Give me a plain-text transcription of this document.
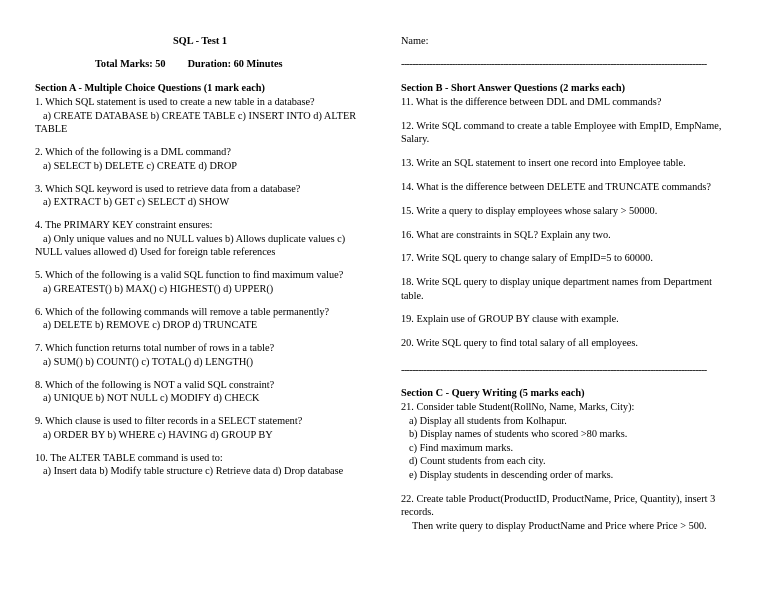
SQL - Test 1
Total Marks: 50 Duration: 60 Minutes
Section A - Multiple Choice Questions (1 mark each)
1. Which SQL statement is used to create a new table in a database?
a) CREATE DATABASE b) CREATE TABLE c) INSERT INTO d) ALTER TABLE
2. Which of the following is a DML command?
a) SELECT b) DELETE c) CREATE d) DROP
3. Which SQL keyword is used to retrieve data from a database?
a) EXTRACT b) GET c) SELECT d) SHOW
4. The PRIMARY KEY constraint ensures:
a) Only unique values and no NULL values b) Allows duplicate values c) NULL values allowed d) Used for foreign table references
5. Which of the following is a valid SQL function to find maximum value?
a) GREATEST() b) MAX() c) HIGHEST() d) UPPER()
6. Which of the following commands will remove a table permanently?
a) DELETE b) REMOVE c) DROP d) TRUNCATE
7. Which function returns total number of rows in a table?
a) SUM() b) COUNT() c) TOTAL() d) LENGTH()
8. Which of the following is NOT a valid SQL constraint?
a) UNIQUE b) NOT NULL c) MODIFY d) CHECK
9. Which clause is used to filter records in a SELECT statement?
a) ORDER BY b) WHERE c) HAVING d) GROUP BY
10. The ALTER TABLE command is used to:
a) Insert data b) Modify table structure c) Retrieve data d) Drop database
Name:
------------------------------------------------------------------------------------------------------------
Section B - Short Answer Questions (2 marks each)
11. What is the difference between DDL and DML commands?
12. Write SQL command to create a table Employee with EmpID, EmpName, Salary.
13. Write an SQL statement to insert one record into Employee table.
14. What is the difference between DELETE and TRUNCATE commands?
15. Write a query to display employees whose salary > 50000.
16. What are constraints in SQL? Explain any two.
17. Write SQL query to change salary of EmpID=5 to 60000.
18. Write SQL query to display unique department names from Department table.
19. Explain use of GROUP BY clause with example.
20. Write SQL query to find total salary of all employees.
------------------------------------------------------------------------------------------------------------
Section C - Query Writing (5 marks each)
21. Consider table Student(RollNo, Name, Marks, City):
a) Display all students from Kolhapur.
b) Display names of students who scored >80 marks.
c) Find maximum marks.
d) Count students from each city.
e) Display students in descending order of marks.
22. Create table Product(ProductID, ProductName, Price, Quantity), insert 3 records.
Then write query to display ProductName and Price where Price > 500.
